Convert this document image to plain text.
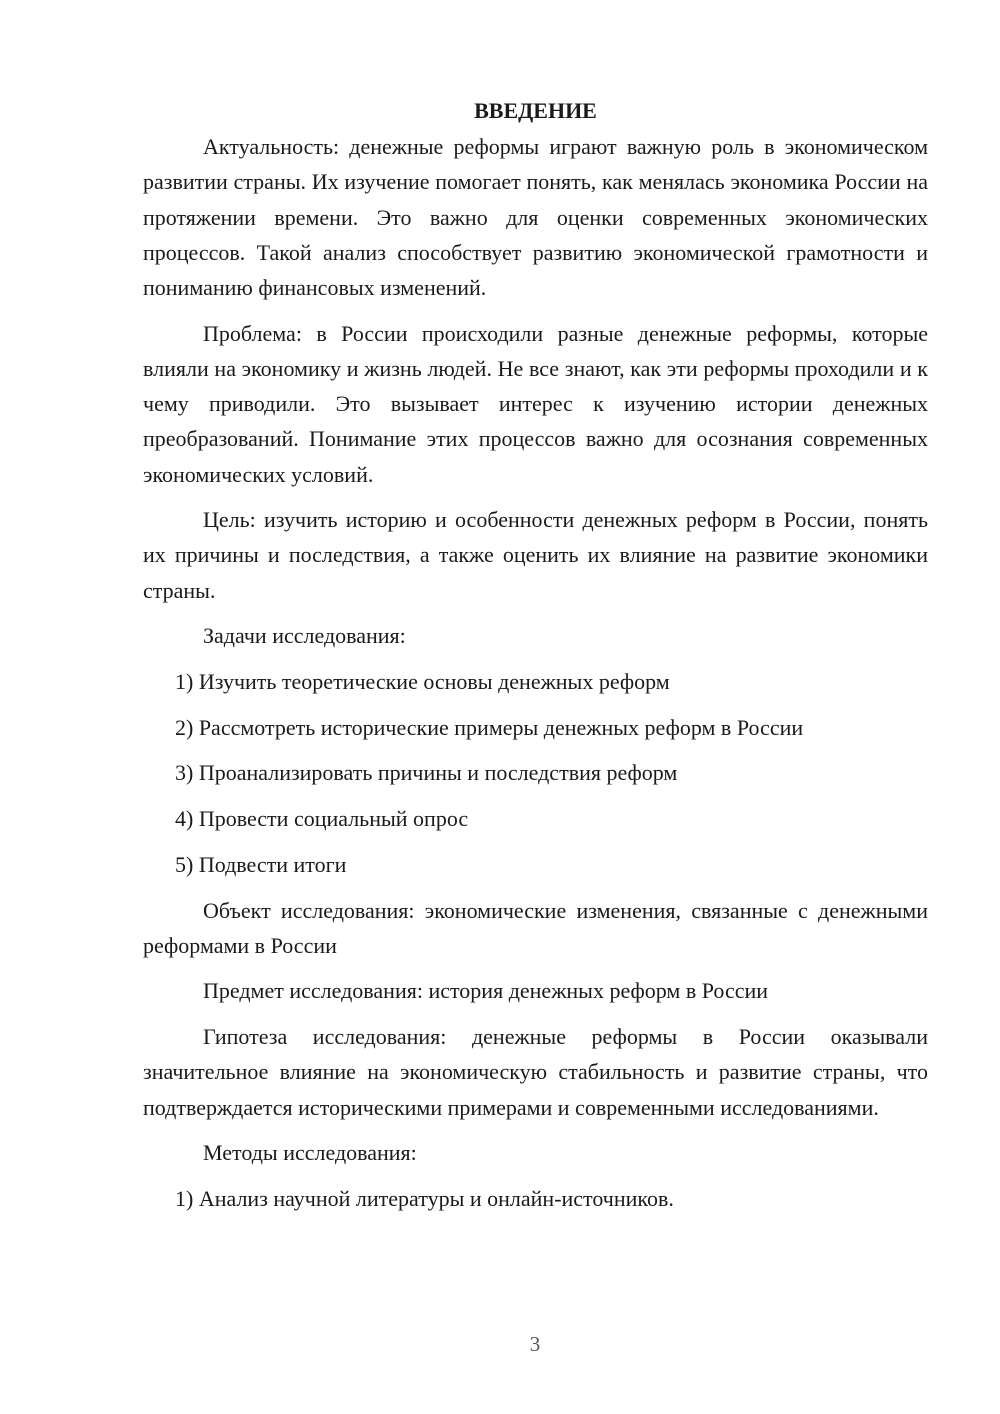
ВВЕДЕНИЕ
Актуальность: денежные реформы играют важную роль в экономическом развитии страны. Их изучение помогает понять, как менялась экономика России на протяжении времени. Это важно для оценки современных экономических процессов. Такой анализ способствует развитию экономической грамотности и пониманию финансовых изменений.
Проблема: в России происходили разные денежные реформы, которые влияли на экономику и жизнь людей. Не все знают, как эти реформы проходили и к чему приводили. Это вызывает интерес к изучению истории денежных преобразований. Понимание этих процессов важно для осознания современных экономических условий.
Цель: изучить историю и особенности денежных реформ в России, понять их причины и последствия, а также оценить их влияние на развитие экономики страны.
Задачи исследования:
1) Изучить теоретические основы денежных реформ
2) Рассмотреть исторические примеры денежных реформ в России
3) Проанализировать причины и последствия реформ
4) Провести социальный опрос
5) Подвести итоги
Объект исследования: экономические изменения, связанные с денежными реформами в России
Предмет исследования: история денежных реформ в России
Гипотеза исследования: денежные реформы в России оказывали значительное влияние на экономическую стабильность и развитие страны, что подтверждается историческими примерами и современными исследованиями.
Методы исследования:
1) Анализ научной литературы и онлайн-источников.
3
